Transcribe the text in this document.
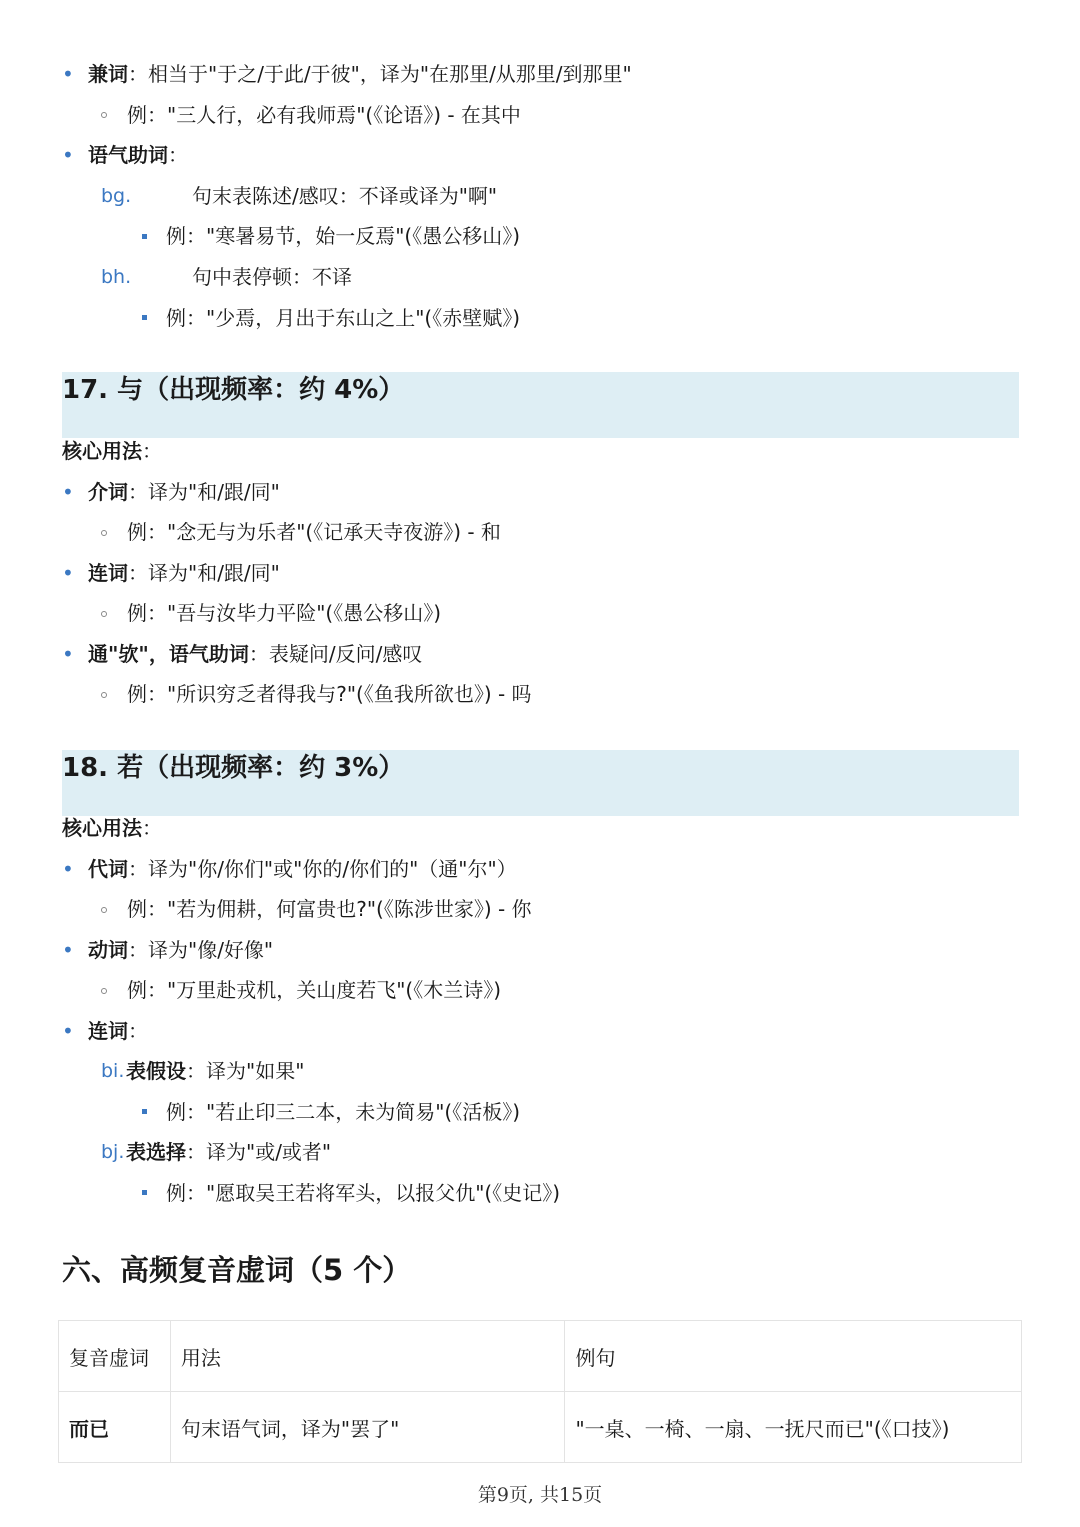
• 兼词：相当于"于之/于此/于彼"，译为"在那里/从那里/到那里"
例："三人行，必有我师焉"(《论语》) - 在其中
• 语气助词：
bg.	句末表陈述/感叹：不译或译为"啊"
例："寒暑易节，始一反焉"(《愚公移山》)
bh.	句中表停顿：不译
例："少焉，月出于东山之上"(《赤壁赋》)
17. 与（出现频率：约 4%）
核心用法：
• 介词：译为"和/跟/同"
例："念无与为乐者"(《记承天寺夜游》) - 和
• 连词：译为"和/跟/同"
例："吾与汝毕力平险"(《愚公移山》)
• 通"欤"，语气助词：表疑问/反问/感叹
例："所识穷乏者得我与?"(《鱼我所欲也》) - 吗
18. 若（出现频率：约 3%）
核心用法：
• 代词：译为"你/你们"或"你的/你们的"（通"尔"）
例："若为佣耕，何富贵也?"(《陈涉世家》) - 你
• 动词：译为"像/好像"
例："万里赴戎机，关山度若飞"(《木兰诗》)
• 连词：
bi. 表假设：译为"如果"
例："若止印三二本，未为简易"(《活板》)
bj. 表选择：译为"或/或者"
例："愿取吴王若将军头，以报父仇"(《史记》)
六、高频复音虚词（5 个）
复音虚词	用法	例句
而已	句末语气词，译为"罢了"	"一桌、一椅、一扇、一抚尺而已"(《口技》)
第9页, 共15页
